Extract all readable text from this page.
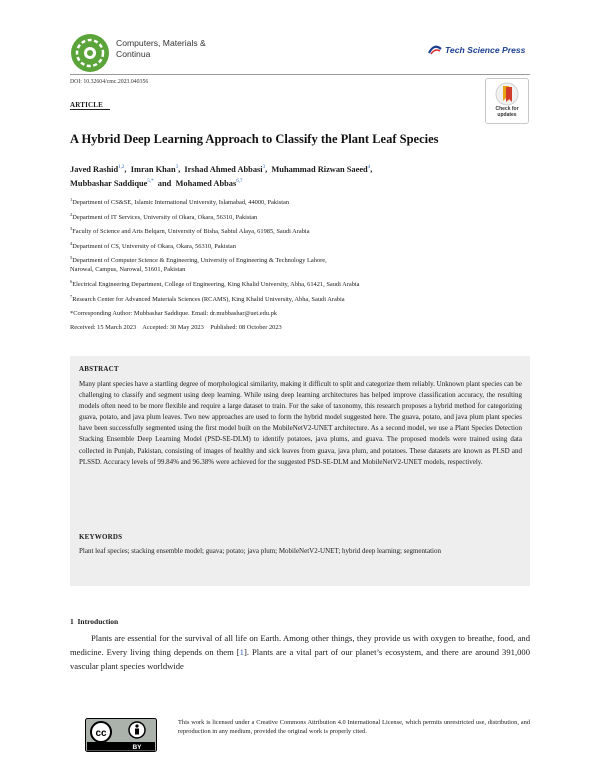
Computers, Materials &
Continua	Tech Science Press
DOI: 10.32604/cmc.2023.040356
ARTICLE	Check for
updates
A Hybrid Deep Learning Approach to Classify the Plant Leaf Species
Javed Rashid$^{1,2}$,  Imran Khan$^3$,  Irshad Ahmed Abbasi$^3$,  Muhammad Rizwan Saeed$^4$,
Mubbashar Saddique$^{5,*}$  and  Mohamed Abbas$^{6,7}$
$^1$Department of CS&SE, Islamic International University, Islamabad, 44000, Pakistan
$^2$Department of IT Services, University of Okara, Okara, 56310, Pakistan
$^3$Faculty of Science and Arts Belqarn, University of Bisha, Sabtul Alaya, 61985, Saudi Arabia
$^4$Department of CS, University of Okara, Okara, 56310, Pakistan
$^5$Department of Computer Science & Engineering, University of Engineering & Technology Lahore,
Narowal, Campus, Narowal, 51601, Pakistan
$^6$Electrical Engineering Department, College of Engineering, King Khalid University, Abha, 61421, Saudi Arabia
$^7$Research Center for Advanced Materials Sciences (RCAMS), King Khalid University, Abha, Saudi Arabia
*Corresponding Author: Mubbashar Saddique. Email: dr.mubbashar@uet.edu.pk
Received: 15 March 2023    Accepted: 30 May 2023    Published: 08 October 2023
ABSTRACT
Many plant species have a startling degree of morphological similarity, making it difficult to split and categorize them reliably. Unknown plant species can be challenging to classify and segment using deep learning. While using deep learning architectures has helped improve classification accuracy, the resulting models often need to be more flexible and require a large dataset to train. For the sake of taxonomy, this research proposes a hybrid method for categorizing guava, potato, and java plum leaves. Two new approaches are used to form the hybrid model suggested here. The guava, potato, and java plum plant species have been successfully segmented using the first model built on the MobileNetV2-UNET architecture. As a second model, we use a Plant Species Detection Stacking Ensemble Deep Learning Model (PSD-SE-DLM) to identify potatoes, java plums, and guava. The proposed models were trained using data collected in Punjab, Pakistan, consisting of images of healthy and sick leaves from guava, java plum, and potatoes. These datasets are known as PLSD and PLSSD. Accuracy levels of 99.84% and 96.38% were achieved for the suggested PSD-SE-DLM and MobileNetV2-UNET models, respectively.
KEYWORDS
Plant leaf species; stacking ensemble model; guava; potato; java plum; MobileNetV2-UNET; hybrid deep learning; segmentation
1  Introduction
Plants are essential for the survival of all life on Earth. Among other things, they provide us with oxygen to breathe, food, and medicine. Every living thing depends on them [1]. Plants are a vital part of our planet’s ecosystem, and there are around 391,000 vascular plant species worldwide
cc
BY
This work is licensed under a Creative Commons Attribution 4.0 International License, which permits unrestricted use, distribution, and reproduction in any medium, provided the original work is properly cited.
